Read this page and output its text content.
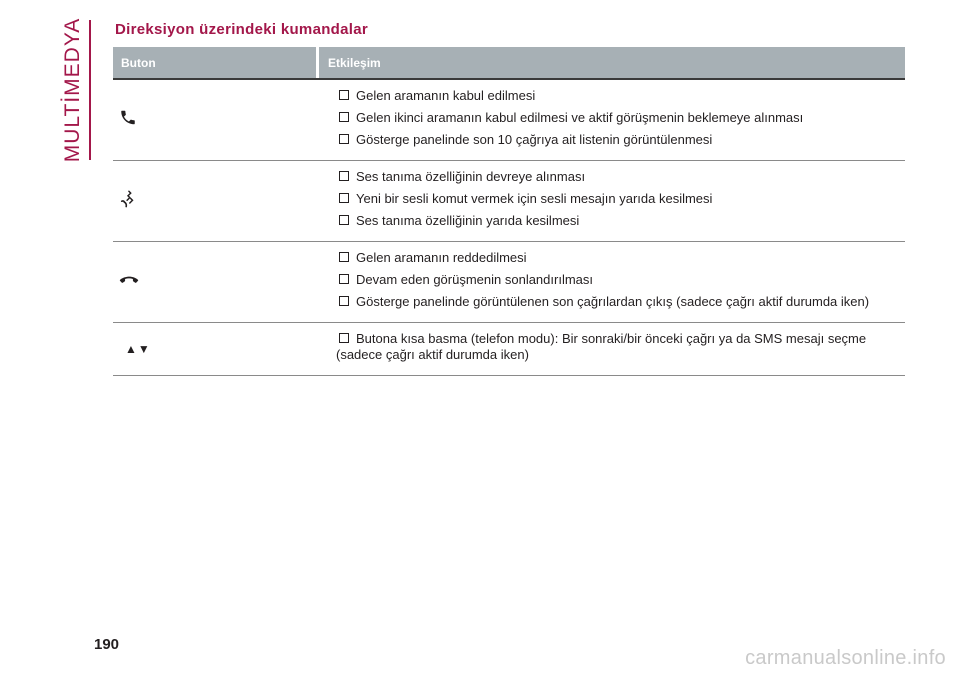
MULTİMEDYA Direksiyon üzerindeki kumandalar
Buton	Etkileşim
Gelen aramanın kabul edilmesi
Gelen ikinci aramanın kabul edilmesi ve aktif görüşmenin beklemeye alınması
Gösterge panelinde son 10 çağrıya ait listenin görüntülenmesi
Ses tanıma özelliğinin devreye alınması
Yeni bir sesli komut vermek için sesli mesajın yarıda kesilmesi
Ses tanıma özelliğinin yarıda kesilmesi
Gelen aramanın reddedilmesi
Devam eden görüşmenin sonlandırılması
Gösterge panelinde görüntülenen son çağrılardan çıkış (sadece çağrı aktif durumda iken)
▲▼
Butona kısa basma (telefon modu): Bir sonraki/bir önceki çağrı ya da SMS mesajı seçme (sadece çağrı aktif durumda iken)
190
carmanualsonline.info
